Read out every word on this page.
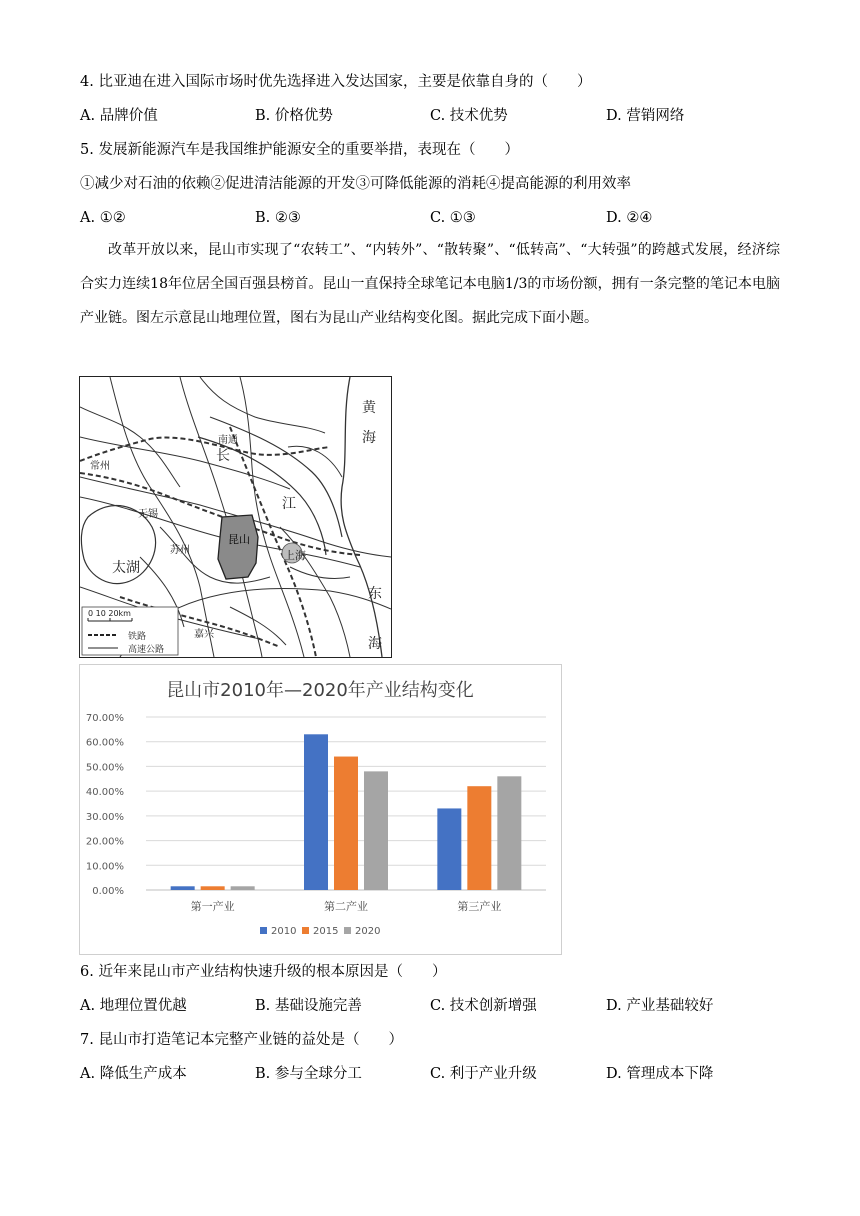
4. 比亚迪在进入国际市场时优先选择进入发达国家，主要是依靠自身的（　　）
A. 品牌价值	B. 价格优势	C. 技术优势	D. 营销网络
5. 发展新能源汽车是我国维护能源安全的重要举措，表现在（　　）
①减少对石油的依赖②促进清洁能源的开发③可降低能源的消耗④提高能源的利用效率
A. ①②	B. ②③	C. ①③	D. ②④
改革开放以来，昆山市实现了“农转工”、“内转外”、“散转聚”、“低转高”、“大转强”的跨越式发展，经济综合实力连续18年位居全国百强县榜首。昆山一直保持全球笔记本电脑1/3的市场份额，拥有一条完整的笔记本电脑产业链。图左示意昆山地理位置，图右为昆山产业结构变化图。据此完成下面小题。
黄
海
南通
长
常州
江
无锡
苏州
昆山
上海
太湖
东
嘉兴
海
0 10 20km
铁路
高速公路
昆山市2010年—2020年产业结构变化
0.00%
10.00%
20.00%
30.00%
40.00%
50.00%
60.00%
70.00%
第一产业	第二产业	第三产业
2010 2015 2020
6. 近年来昆山市产业结构快速升级的根本原因是（　　）
A. 地理位置优越	B. 基础设施完善	C. 技术创新增强	D. 产业基础较好
7. 昆山市打造笔记本完整产业链的益处是（　　）
A. 降低生产成本	B. 参与全球分工	C. 利于产业升级	D. 管理成本下降
